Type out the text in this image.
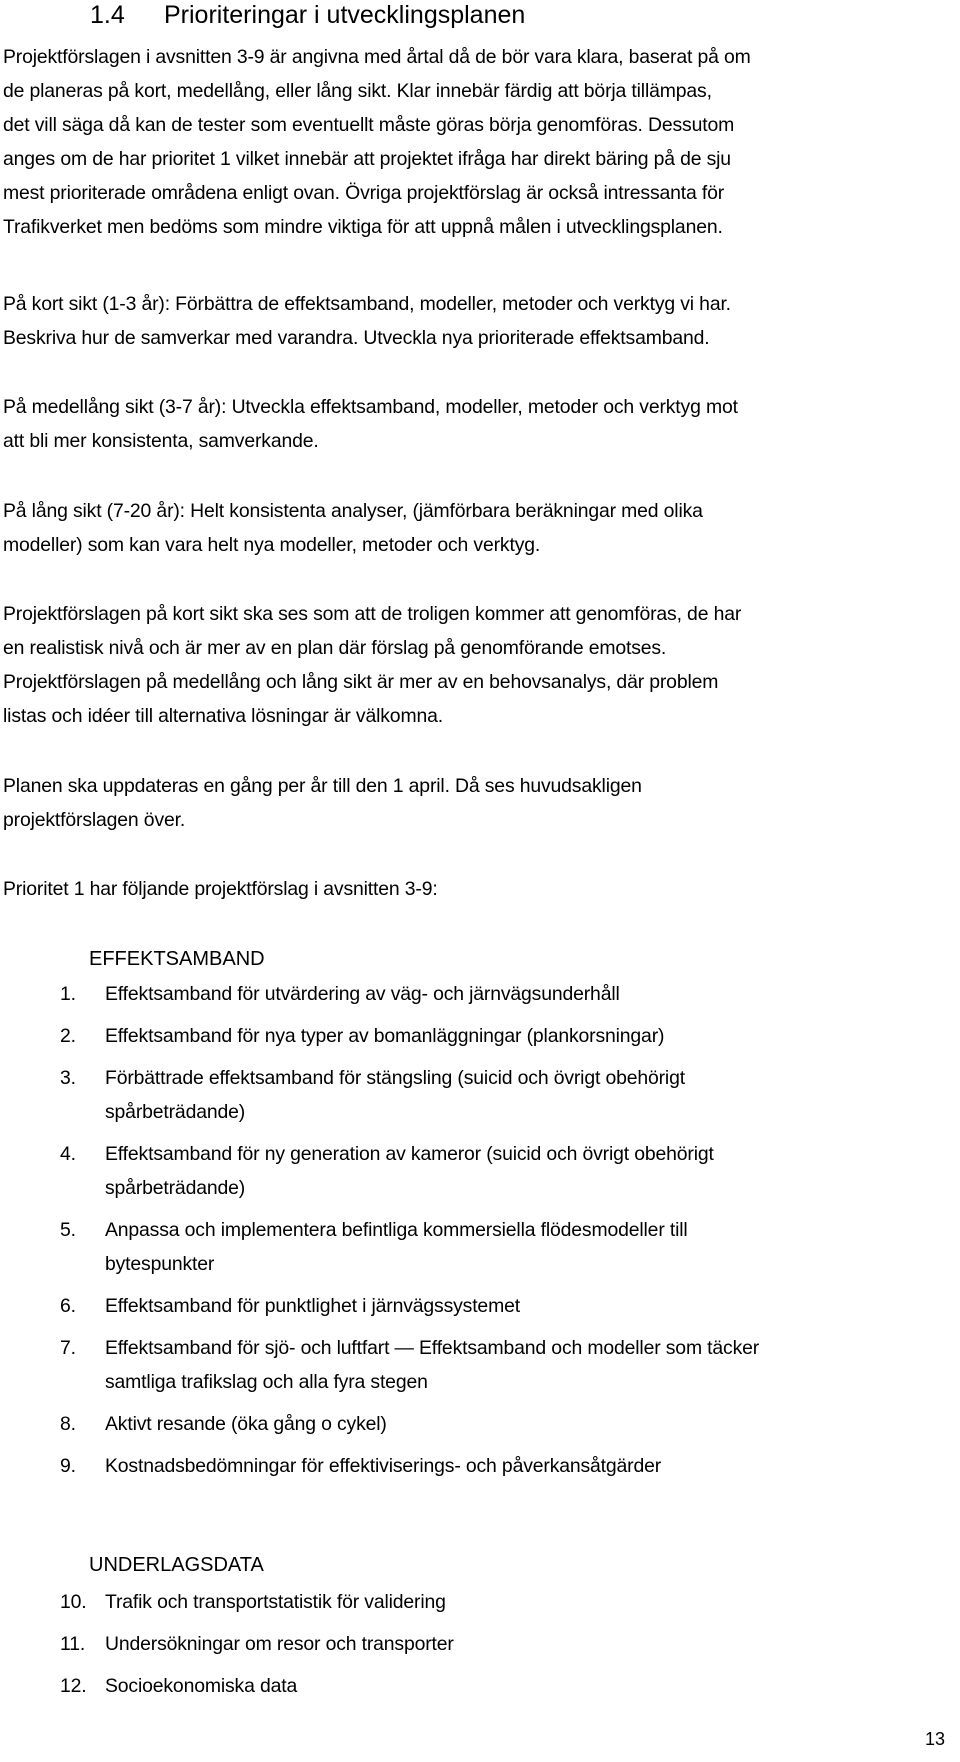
1.4 Prioriteringar i utvecklingsplanen

Projektförslagen i avsnitten 3-9 är angivna med årtal då de bör vara klara, baserat på om
de planeras på kort, medellång, eller lång sikt. Klar innebär färdig att börja tillämpas,
det vill säga då kan de tester som eventuellt måste göras börja genomföras. Dessutom
anges om de har prioritet 1 vilket innebär att projektet ifråga har direkt bäring på de sju
mest prioriterade områdena enligt ovan. Övriga projektförslag är också intressanta för
Trafikverket men bedöms som mindre viktiga för att uppnå målen i utvecklingsplanen.

På kort sikt (1-3 år): Förbättra de effektsamband, modeller, metoder och verktyg vi har.
Beskriva hur de samverkar med varandra. Utveckla nya prioriterade effektsamband.

På medellång sikt (3-7 år): Utveckla effektsamband, modeller, metoder och verktyg mot
att bli mer konsistenta, samverkande.

På lång sikt (7-20 år): Helt konsistenta analyser, (jämförbara beräkningar med olika
modeller) som kan vara helt nya modeller, metoder och verktyg.

Projektförslagen på kort sikt ska ses som att de troligen kommer att genomföras, de har
en realistisk nivå och är mer av en plan där förslag på genomförande emotses.
Projektförslagen på medellång och lång sikt är mer av en behovsanalys, där problem
listas och idéer till alternativa lösningar är välkomna.

Planen ska uppdateras en gång per år till den 1 april. Då ses huvudsakligen
projektförslagen över.

Prioritet 1 har följande projektförslag i avsnitten 3-9:

EFFEKTSAMBAND
1. Effektsamband för utvärdering av väg- och järnvägsunderhåll
2. Effektsamband för nya typer av bomanläggningar (plankorsningar)
3. Förbättrade effektsamband för stängsling (suicid och övrigt obehörigt
spårbeträdande)
4. Effektsamband för ny generation av kameror (suicid och övrigt obehörigt
spårbeträdande)
5. Anpassa och implementera befintliga kommersiella flödesmodeller till
bytespunkter
6. Effektsamband för punktlighet i järnvägssystemet
7. Effektsamband för sjö- och luftfart — Effektsamband och modeller som täcker
samtliga trafikslag och alla fyra stegen
8. Aktivt resande (öka gång o cykel)
9. Kostnadsbedömningar för effektiviserings- och påverkansåtgärder
UNDERLAGSDATA
10. Trafik och transportstatistik för validering
11. Undersökningar om resor och transporter
12. Socioekonomiska data
13
